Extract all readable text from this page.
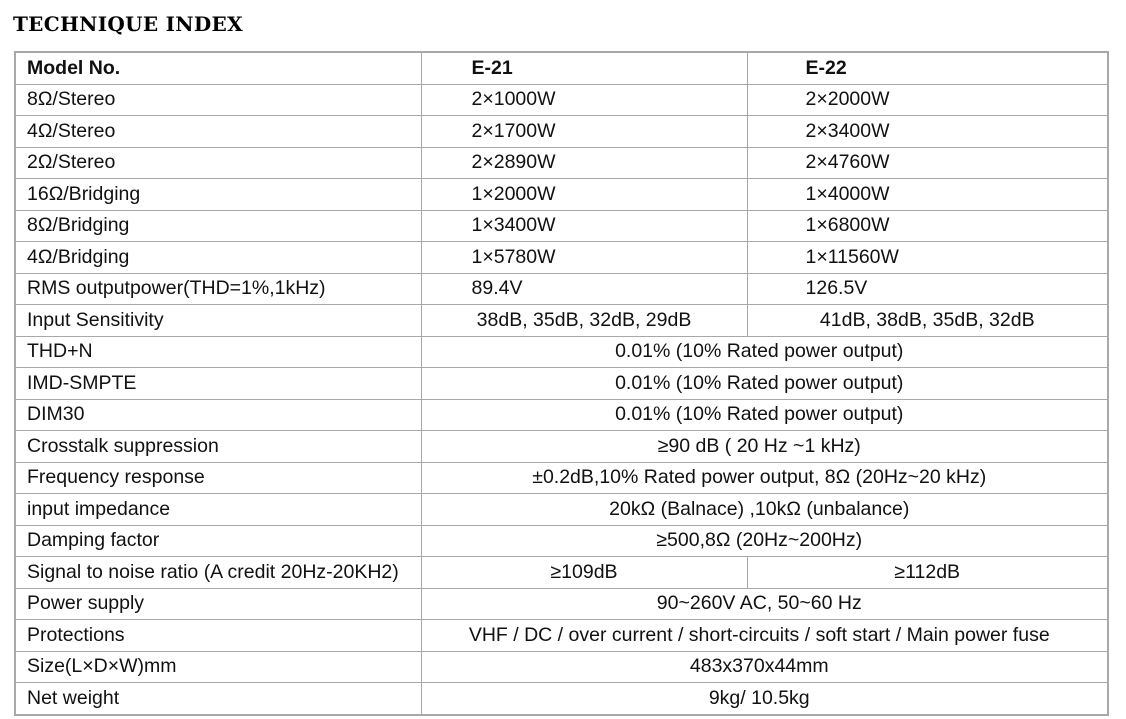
TECHNIQUE INDEX
Model No.	E-21	E-22
8Ω/Stereo	2×1000W	2×2000W
4Ω/Stereo	2×1700W	2×3400W
2Ω/Stereo	2×2890W	2×4760W
16Ω/Bridging	1×2000W	1×4000W
8Ω/Bridging	1×3400W	1×6800W
4Ω/Bridging	1×5780W	1×11560W
RMS outputpower(THD=1%,1kHz)	89.4V	126.5V
Input Sensitivity	38dB, 35dB, 32dB, 29dB	41dB, 38dB, 35dB, 32dB
THD+N	0.01% (10% Rated power output)	
IMD-SMPTE	0.01% (10% Rated power output)	
DIM30	0.01% (10% Rated power output)	
Crosstalk suppression	≥90 dB ( 20 Hz ~1 kHz)	
Frequency response	±0.2dB,10% Rated power output, 8Ω (20Hz~20 kHz)	
input impedance	20kΩ (Balnace) ,10kΩ (unbalance)	
Damping factor	≥500,8Ω (20Hz~200Hz)	
Signal to noise ratio (A credit 20Hz-20KH2)	≥109dB	≥112dB
Power supply	90~260V AC, 50~60 Hz	
Protections	VHF / DC / over current / short-circuits / soft start / Main power fuse	
Size(L×D×W)mm	483x370x44mm	
Net weight	9kg/ 10.5kg	
